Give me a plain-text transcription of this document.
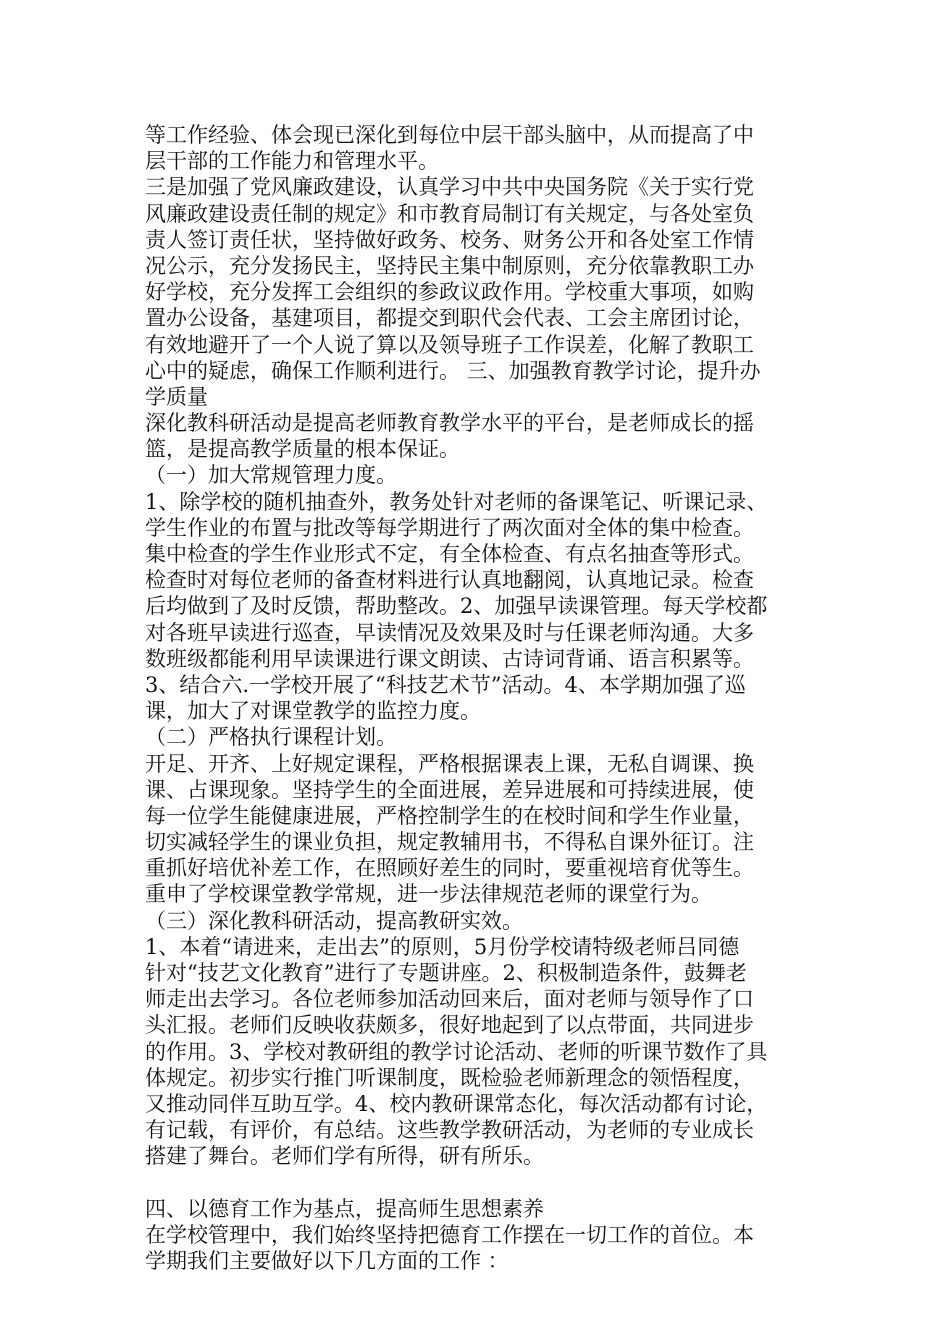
等工作经验、体会现已深化到每位中层干部头脑中，从而提高了中
层干部的工作能力和管理水平。
三是加强了党风廉政建设，认真学习中共中央国务院《关于实行党
风廉政建设责任制的规定》和市教育局制订有关规定，与各处室负
责人签订责任状，坚持做好政务、校务、财务公开和各处室工作情
况公示，充分发扬民主，坚持民主集中制原则，充分依靠教职工办
好学校，充分发挥工会组织的参政议政作用。学校重大事项，如购
置办公设备，基建项目，都提交到职代会代表、工会主席团讨论，
有效地避开了一个人说了算以及领导班子工作误差，化解了教职工
心中的疑虑，确保工作顺利进行。 三、加强教育教学讨论，提升办
学质量
深化教科研活动是提高老师教育教学水平的平台，是老师成长的摇
篮，是提高教学质量的根本保证。
（一）加大常规管理力度。
1、除学校的随机抽查外，教务处针对老师的备课笔记、听课记录、
学生作业的布置与批改等每学期进行了两次面对全体的集中检查。
集中检查的学生作业形式不定，有全体检查、有点名抽查等形式。
检查时对每位老师的备查材料进行认真地翻阅，认真地记录。检查
后均做到了及时反馈，帮助整改。2、加强早读课管理。每天学校都
对各班早读进行巡查，早读情况及效果及时与任课老师沟通。大多
数班级都能利用早读课进行课文朗读、古诗词背诵、语言积累等。
3、结合六.一学校开展了“科技艺术节”活动。4、本学期加强了巡
课，加大了对课堂教学的监控力度。
（二）严格执行课程计划。
开足、开齐、上好规定课程，严格根据课表上课，无私自调课、换
课、占课现象。坚持学生的全面进展，差异进展和可持续进展，使
每一位学生能健康进展，严格控制学生的在校时间和学生作业量，
切实减轻学生的课业负担，规定教辅用书，不得私自课外征订。注
重抓好培优补差工作，在照顾好差生的同时，要重视培育优等生。
重申了学校课堂教学常规，进一步法律规范老师的课堂行为。
（三）深化教科研活动，提高教研实效。
1、本着“请进来，走出去”的原则，5月份学校请特级老师吕同德
针对“技艺文化教育”进行了专题讲座。2、积极制造条件，鼓舞老
师走出去学习。各位老师参加活动回来后，面对老师与领导作了口
头汇报。老师们反映收获颇多，很好地起到了以点带面，共同进步
的作用。3、学校对教研组的教学讨论活动、老师的听课节数作了具
体规定。初步实行推门听课制度，既检验老师新理念的领悟程度，
又推动同伴互助互学。4、校内教研课常态化，每次活动都有讨论，
有记载，有评价，有总结。这些教学教研活动，为老师的专业成长
搭建了舞台。老师们学有所得，研有所乐。
四、以德育工作为基点，提高师生思想素养
在学校管理中，我们始终坚持把德育工作摆在一切工作的首位。本
学期我们主要做好以下几方面的工作 ：
